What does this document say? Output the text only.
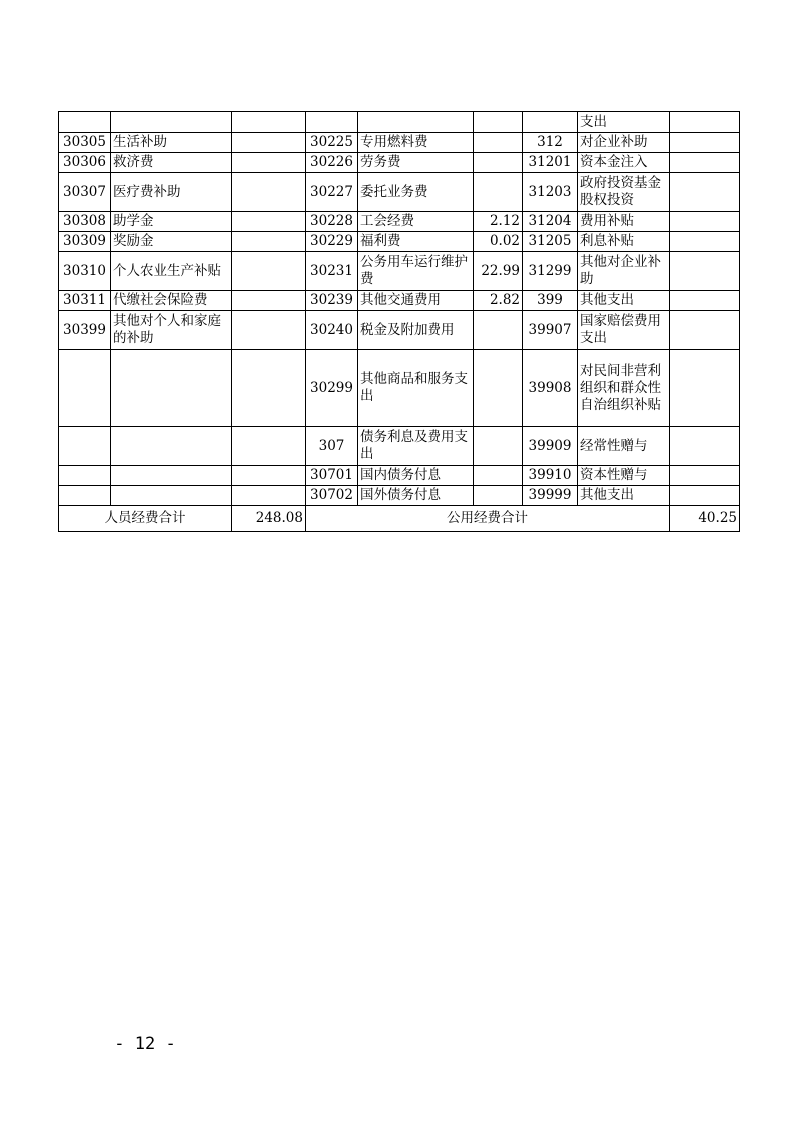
							支出	
30305	生活补助		30225	专用燃料费		312	对企业补助	
30306	救济费		30226	劳务费		31201	资本金注入	
30307	医疗费补助		30227	委托业务费		31203	政府投资基金股权投资	
30308	助学金		30228	工会经费	2.12	31204	费用补贴	
30309	奖励金		30229	福利费	0.02	31205	利息补贴	
30310	个人农业生产补贴		30231	公务用车运行维护费	22.99	31299	其他对企业补助	
30311	代缴社会保险费		30239	其他交通费用	2.82	399	其他支出	
30399	其他对个人和家庭的补助		30240	税金及附加费用		39907	国家赔偿费用支出	
			30299	其他商品和服务支出		39908	对民间非营利组织和群众性自治组织补贴	
			307	债务利息及费用支出		39909	经常性赠与	
			30701	国内债务付息		39910	资本性赠与	
			30702	国外债务付息		39999	其他支出	
人员经费合计		248.08	公用经费合计					40.25
- 12 -
